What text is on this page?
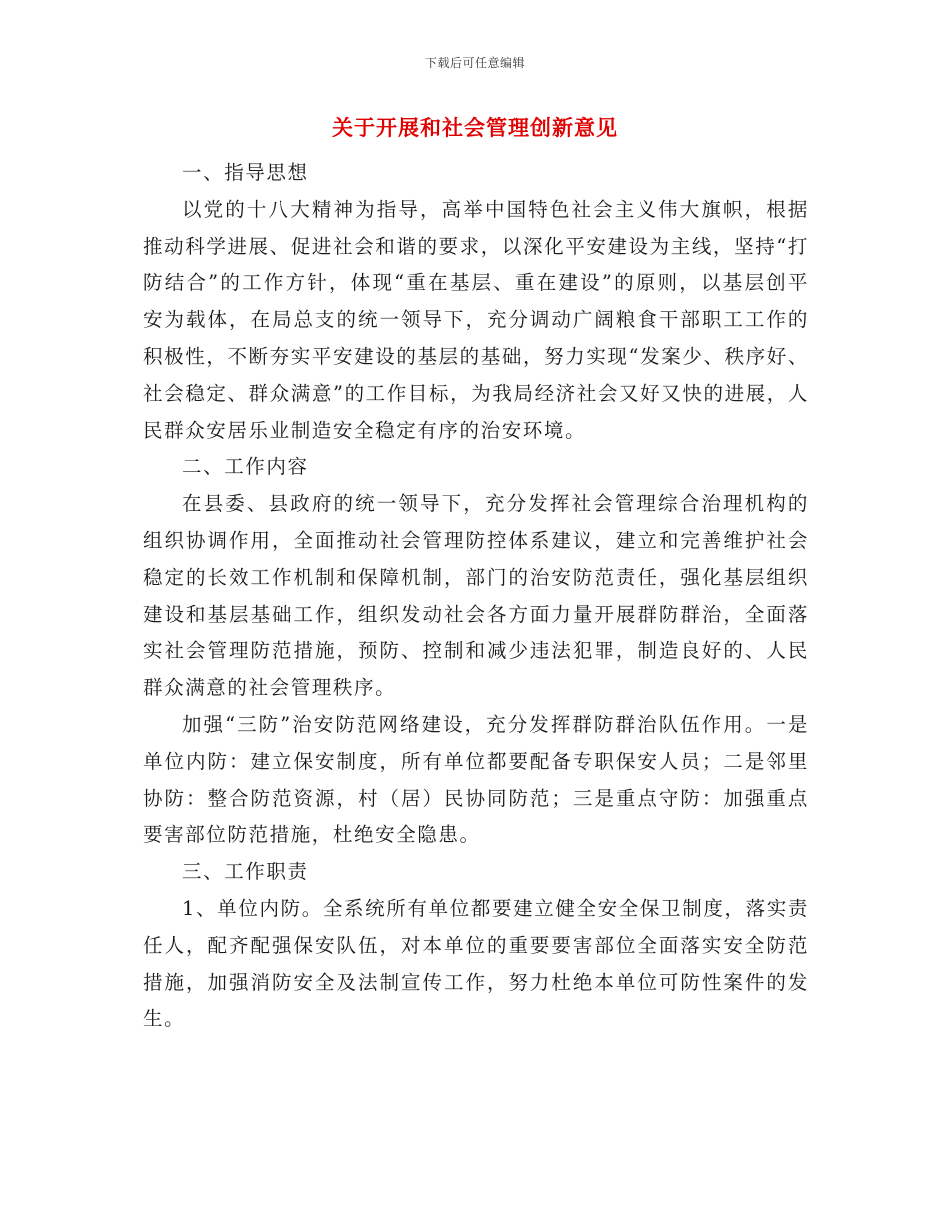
下载后可任意编辑
关于开展和社会管理创新意见

一、指导思想

以党的十八大精神为指导，高举中国特色社会主义伟大旗帜，根据推动科学进展、促进社会和谐的要求，以深化平安建设为主线，坚持“打防结合”的工作方针，体现“重在基层、重在建设”的原则，以基层创平安为载体，在局总支的统一领导下，充分调动广阔粮食干部职工工作的积极性，不断夯实平安建设的基层的基础，努力实现“发案少、秩序好、社会稳定、群众满意”的工作目标，为我局经济社会又好又快的进展，人民群众安居乐业制造安全稳定有序的治安环境。

二、工作内容

在县委、县政府的统一领导下，充分发挥社会管理综合治理机构的组织协调作用，全面推动社会管理防控体系建议，建立和完善维护社会稳定的长效工作机制和保障机制，部门的治安防范责任，强化基层组织建设和基层基础工作，组织发动社会各方面力量开展群防群治，全面落实社会管理防范措施，预防、控制和减少违法犯罪，制造良好的、人民群众满意的社会管理秩序。

加强“三防”治安防范网络建设，充分发挥群防群治队伍作用。一是单位内防：建立保安制度，所有单位都要配备专职保安人员；二是邻里协防：整合防范资源，村（居）民协同防范；三是重点守防：加强重点要害部位防范措施，杜绝安全隐患。

三、工作职责

1、单位内防。全系统所有单位都要建立健全安全保卫制度，落实责任人，配齐配强保安队伍，对本单位的重要要害部位全面落实安全防范措施，加强消防安全及法制宣传工作，努力杜绝本单位可防性案件的发生。
